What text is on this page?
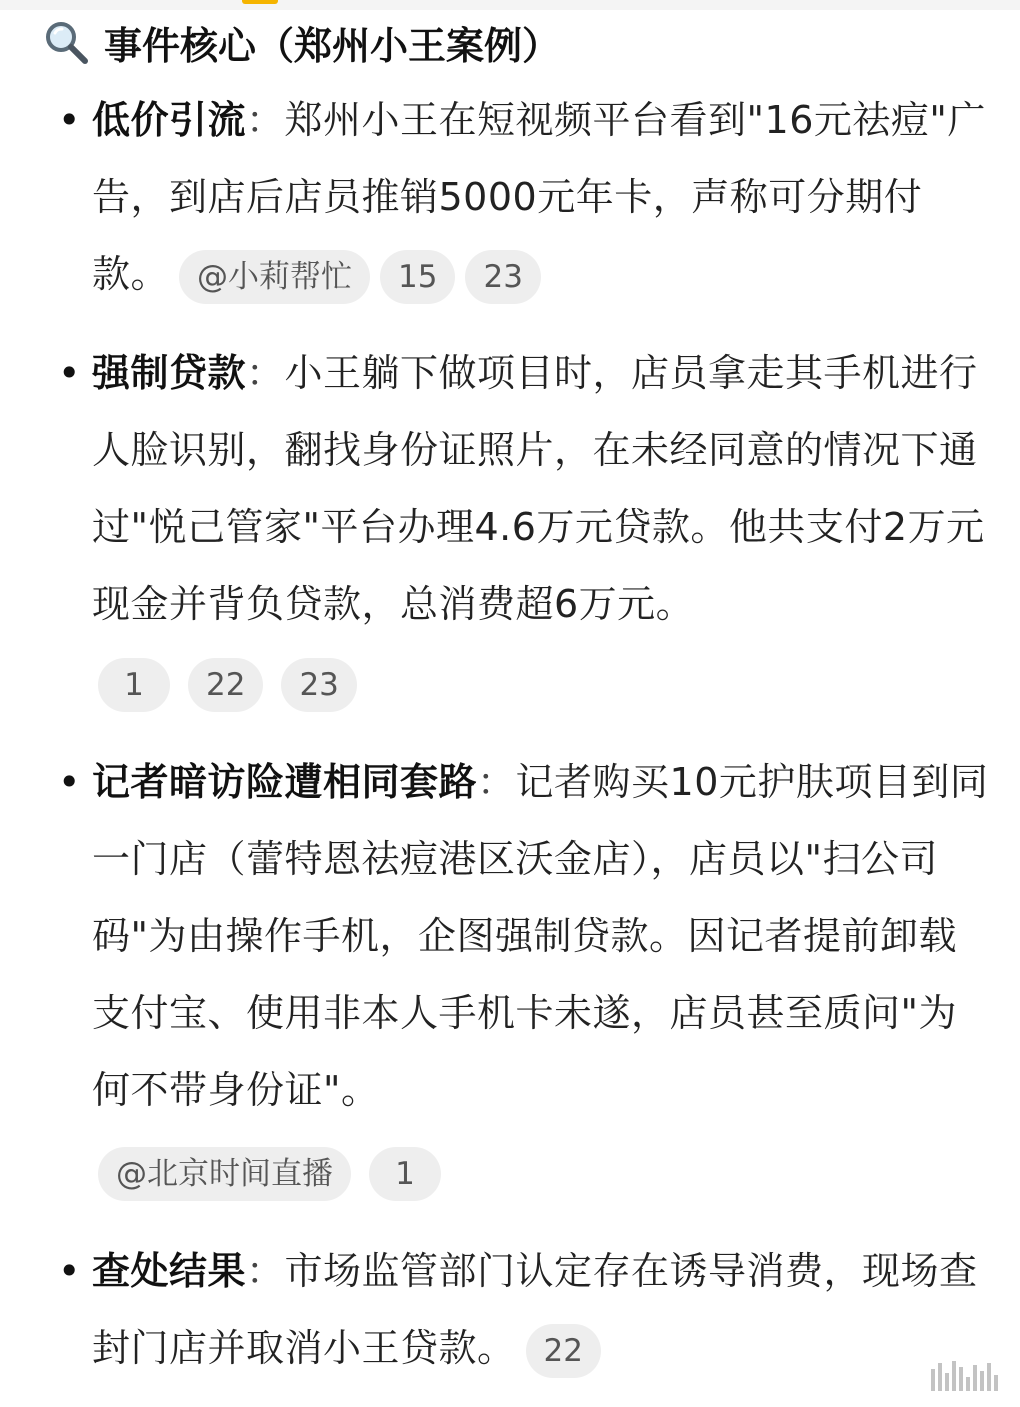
事件核心（郑州小王案例）
• 低价引流：郑州小王在短视频平台看到"16元祛痘"广告，到店后店员推销5000元年卡，声称可分期付款。 @小莉帮忙 15 23
• 强制贷款：小王躺下做项目时，店员拿走其手机进行人脸识别，翻找身份证照片，在未经同意的情况下通过"悦己管家"平台办理4.6万元贷款。他共支付2万元现金并背负贷款，总消费超6万元。
1	22	23
• 记者暗访险遭相同套路：记者购买10元护肤项目到同一门店（蕾特恩祛痘港区沃金店），店员以"扫公司码"为由操作手机，企图强制贷款。因记者提前卸载支付宝、使用非本人手机卡未遂，店员甚至质问"为何不带身份证"。
@北京时间直播	1
• 查处结果：市场监管部门认定存在诱导消费，现场查封门店并取消小王贷款。 22
